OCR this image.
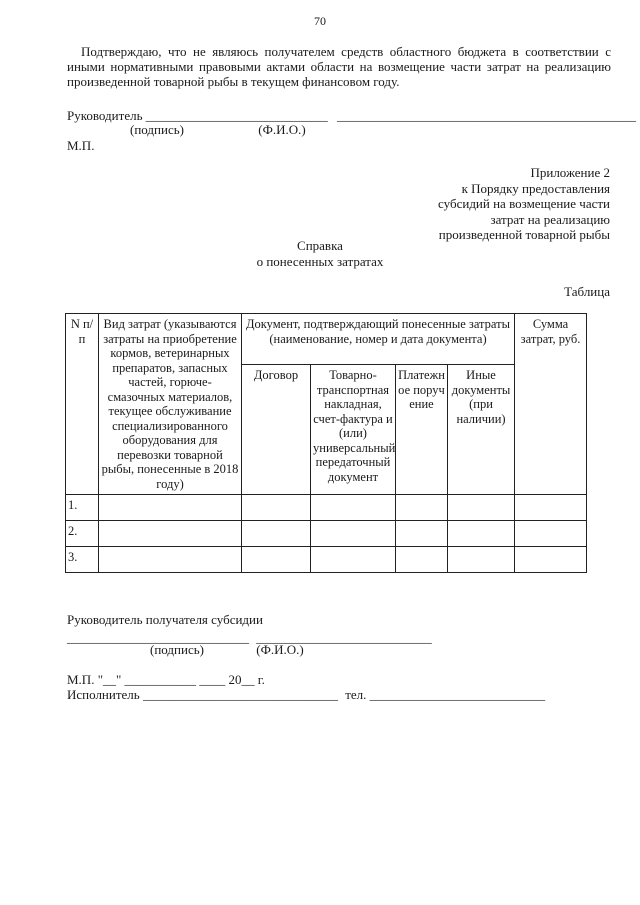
70
Подтверждаю, что не являюсь получателем средств областного бюджета в соответствии с иными нормативными правовыми актами области на возмещение части затрат на реализацию произведенной товарной рыбы в текущем финансовом году.
Руководитель ____________________________ ______________________________________________
(подпись)	(Ф.И.О.)
М.П.
Приложение 2
к Порядку предоставления
субсидий на возмещение части
затрат на реализацию
произведенной товарной рыбы
Справка
о понесенных затратах
Таблица
N п/п	Вид затрат (указываются затраты на приобретение кормов, ветеринарных препаратов, запасных частей, горюче-смазочных материалов, текущее обслуживание специализированного оборудования для перевозки товарной рыбы, понесенные в 2018 году)	Документ, подтверждающий понесенные затраты (наименование, номер и дата документа)				Сумма затрат, руб.
		Договор	Товарно-транспортная накладная, счет-фактура и (или) универсальный передаточный документ	Платежное поручение	Иные документы (при наличии)	
1.						
2.						
3.						
Руководитель получателя субсидии
____________________________ ___________________________
(подпись)	(Ф.И.О.)
М.П. "__" ___________ ____ 20__ г.
Исполнитель ______________________________ тел. ___________________________
